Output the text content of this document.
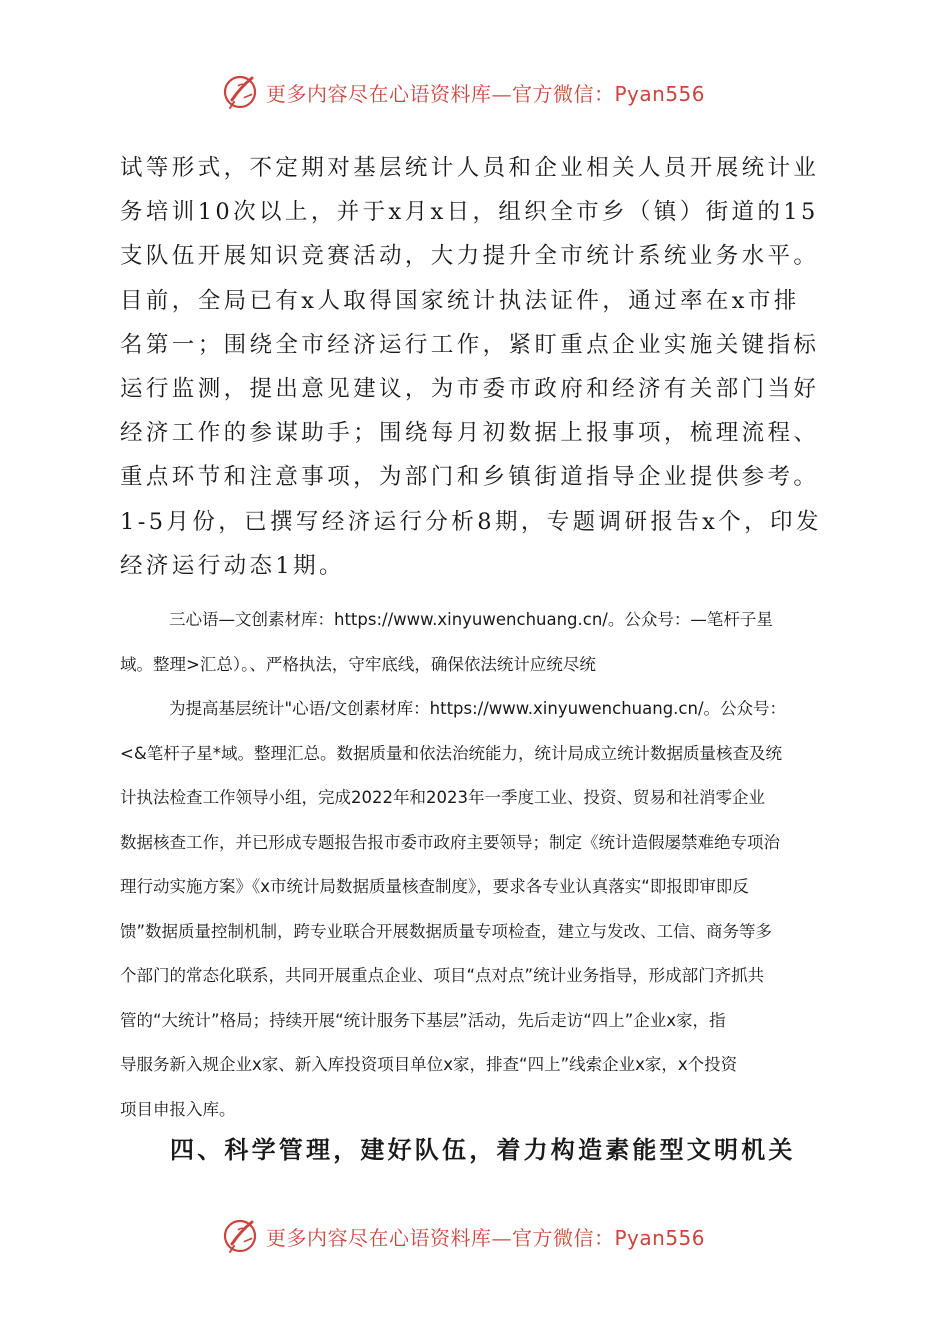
更多内容尽在心语资料库—官方微信：Pyan556
试等形式，不定期对基层统计人员和企业相关人员开展统计业
务培训10次以上，并于x月x日，组织全市乡（镇）街道的15
支队伍开展知识竞赛活动，大力提升全市统计系统业务水平。
目前，全局已有x人取得国家统计执法证件，通过率在x市排
名第一；围绕全市经济运行工作，紧盯重点企业实施关键指标
运行监测，提出意见建议，为市委市政府和经济有关部门当好
经济工作的参谋助手；围绕每月初数据上报事项，梳理流程、
重点环节和注意事项，为部门和乡镇街道指导企业提供参考。
1-5月份，已撰写经济运行分析8期，专题调研报告x个，印发
经济运行动态1期。
三心语—文创素材库：https://www.xinyuwenchuang.cn/。公众号：—笔杆子星
域。整理>汇总）。、严格执法，守牢底线，确保依法统计应统尽统
为提高基层统计"心语/文创素材库：https://www.xinyuwenchuang.cn/。公众号：
<&笔杆子星*域。整理汇总。数据质量和依法治统能力，统计局成立统计数据质量核查及统
计执法检查工作领导小组，完成2022年和2023年一季度工业、投资、贸易和社消零企业
数据核查工作，并已形成专题报告报市委市政府主要领导；制定《统计造假屡禁难绝专项治
理行动实施方案》《x市统计局数据质量核查制度》，要求各专业认真落实“即报即审即反
馈”数据质量控制机制，跨专业联合开展数据质量专项检查，建立与发改、工信、商务等多
个部门的常态化联系，共同开展重点企业、项目“点对点”统计业务指导，形成部门齐抓共
管的“大统计”格局；持续开展“统计服务下基层”活动，先后走访“四上”企业x家，指
导服务新入规企业x家、新入库投资项目单位x家，排查“四上”线索企业x家，x个投资
项目申报入库。
四、科学管理，建好队伍，着力构造素能型文明机关
更多内容尽在心语资料库—官方微信：Pyan556
